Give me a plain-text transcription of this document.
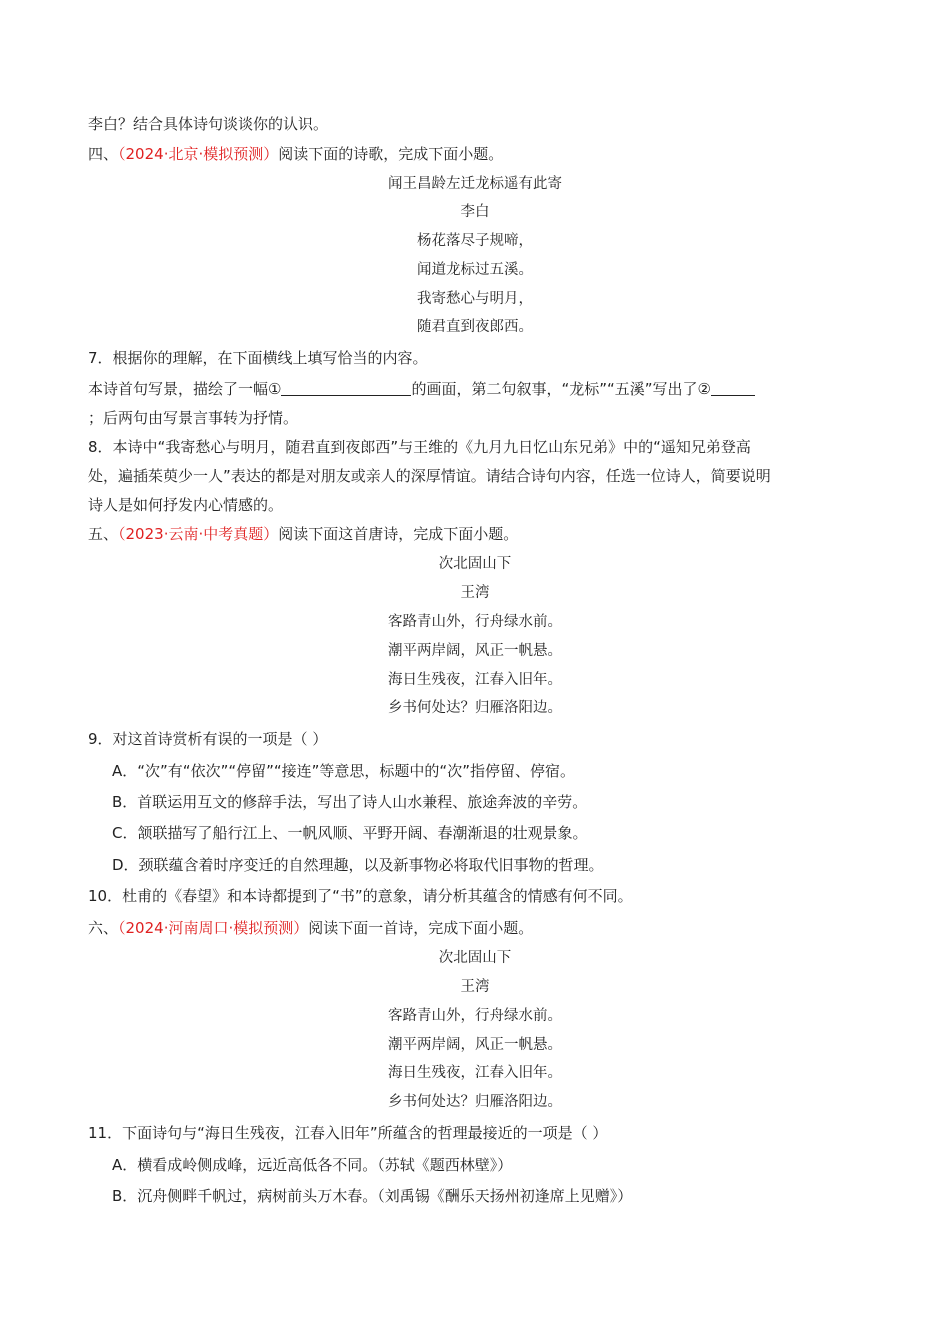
李白？结合具体诗句谈谈你的认识。
四、（2024·北京·模拟预测）阅读下面的诗歌，完成下面小题。
闻王昌龄左迁龙标遥有此寄
李白
杨花落尽子规啼，
闻道龙标过五溪。
我寄愁心与明月，
随君直到夜郎西。
7．根据你的理解，在下面横线上填写恰当的内容。
本诗首句写景，描绘了一幅①	的画面，第二句叙事，“龙标”“五溪”写出了②
；后两句由写景言事转为抒情。
8．本诗中“我寄愁心与明月，随君直到夜郎西”与王维的《九月九日忆山东兄弟》中的“遥知兄弟登高
处，遍插茱萸少一人”表达的都是对朋友或亲人的深厚情谊。请结合诗句内容，任选一位诗人，简要说明
诗人是如何抒发内心情感的。
五、（2023·云南·中考真题）阅读下面这首唐诗，完成下面小题。
次北固山下
王湾
客路青山外，行舟绿水前。
潮平两岸阔，风正一帆悬。
海日生残夜，江春入旧年。
乡书何处达？归雁洛阳边。
9．对这首诗赏析有误的一项是（ ）
A．“次”有“依次”“停留”“接连”等意思，标题中的“次”指停留、停宿。
B．首联运用互文的修辞手法，写出了诗人山水兼程、旅途奔波的辛劳。
C．颔联描写了船行江上、一帆风顺、平野开阔、春潮渐退的壮观景象。
D．颈联蕴含着时序变迁的自然理趣，以及新事物必将取代旧事物的哲理。
10．杜甫的《春望》和本诗都提到了“书”的意象，请分析其蕴含的情感有何不同。
六、（2024·河南周口·模拟预测）阅读下面一首诗，完成下面小题。
次北固山下
王湾
客路青山外，行舟绿水前。
潮平两岸阔，风正一帆悬。
海日生残夜，江春入旧年。
乡书何处达？归雁洛阳边。
11．下面诗句与“海日生残夜，江春入旧年”所蕴含的哲理最接近的一项是（ ）
A．横看成岭侧成峰，远近高低各不同。（苏轼《题西林壁》）
B．沉舟侧畔千帆过，病树前头万木春。（刘禹锡《酬乐天扬州初逢席上见赠》）
